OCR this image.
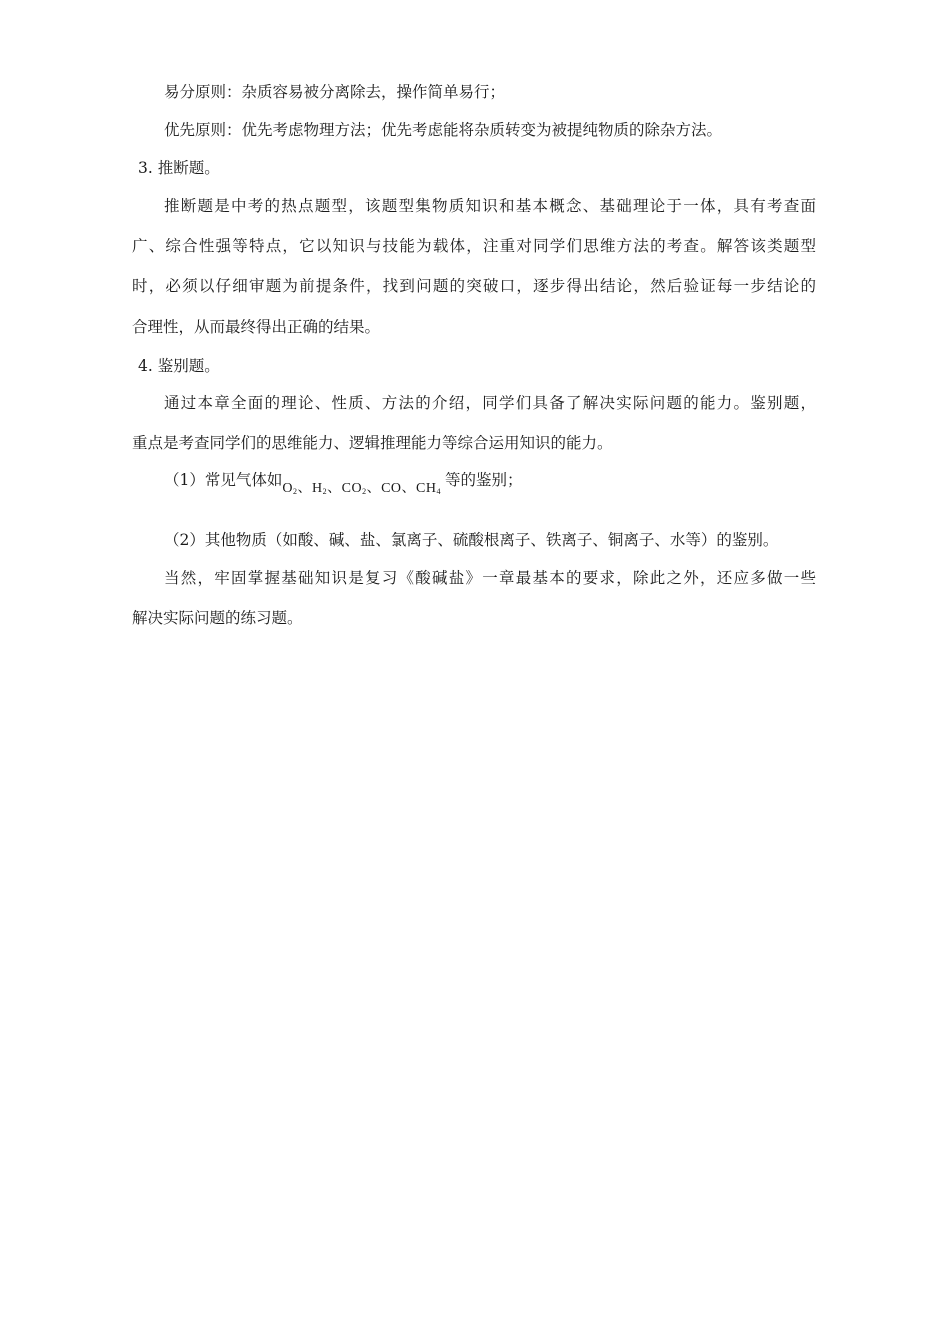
易分原则：杂质容易被分离除去，操作简单易行；
优先原则：优先考虑物理方法；优先考虑能将杂质转变为被提纯物质的除杂方法。
3. 推断题。
推断题是中考的热点题型，该题型集物质知识和基本概念、基础理论于一体，具有考查面
广、综合性强等特点，它以知识与技能为载体，注重对同学们思维方法的考查。解答该类题型
时，必须以仔细审题为前提条件，找到问题的突破口，逐步得出结论，然后验证每一步结论的
合理性，从而最终得出正确的结果。
4. 鉴别题。
通过本章全面的理论、性质、方法的介绍，同学们具备了解决实际问题的能力。鉴别题，
重点是考查同学们的思维能力、逻辑推理能力等综合运用知识的能力。
（1）常见气体如$O_2$、$H_2$、$CO_2$、CO、$CH_4$等的鉴别；
（2）其他物质（如酸、碱、盐、氯离子、硫酸根离子、铁离子、铜离子、水等）的鉴别。
当然，牢固掌握基础知识是复习《酸碱盐》一章最基本的要求，除此之外，还应多做一些
解决实际问题的练习题。
